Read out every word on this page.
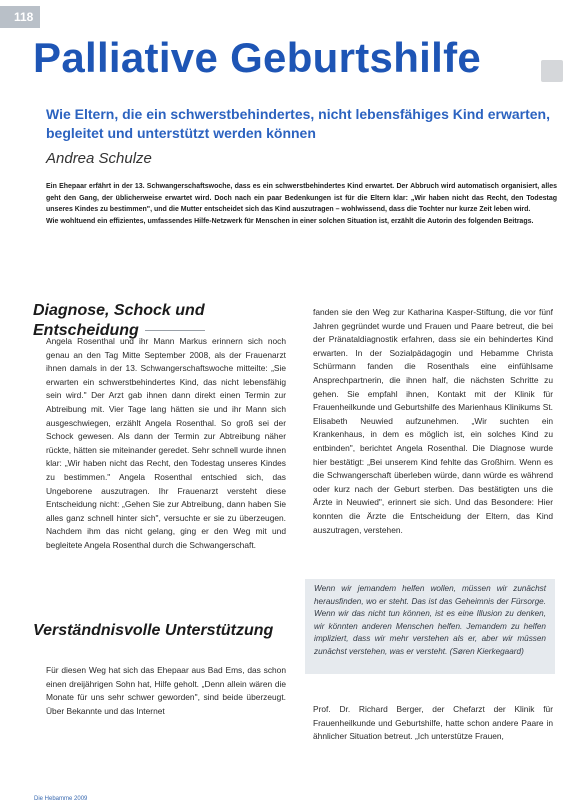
118
Palliative Geburtshilfe

Wie Eltern, die ein schwerstbehindertes, nicht lebensfähiges Kind erwarten, begleitet und unterstützt werden können

Andrea Schulze

Ein Ehepaar erfährt in der 13. Schwangerschaftswoche, dass es ein schwerstbehindertes Kind erwartet. Der Abbruch wird automatisch organisiert, alles geht den Gang, der üblicherweise erwartet wird. Doch nach ein paar Bedenkungen ist für die Eltern klar: „Wir haben nicht das Recht, den Todestag unseres Kindes zu bestimmen", und die Mutter entscheidet sich das Kind auszutragen – wohlwissend, dass die Tochter nur kurze Zeit leben wird.

Wie wohltuend ein effizientes, umfassendes Hilfe-Netzwerk für Menschen in einer solchen Situation ist, erzählt die Autorin des folgenden Beitrags.

Diagnose, Schock und
Entscheidung

Angela Rosenthal und ihr Mann Markus erinnern sich noch genau an den Tag Mitte September 2008, als der Frauenarzt ihnen damals in der 13. Schwangerschaftswoche mitteilte: „Sie erwarten ein schwerstbehindertes Kind, das nicht lebensfähig sein wird." Der Arzt gab ihnen dann direkt einen Termin zur Abtreibung mit. Vier Tage lang hätten sie und ihr Mann sich ausgeschwiegen, erzählt Angela Rosenthal. So groß sei der Schock gewesen. Als dann der Termin zur Abtreibung näher rückte, hätten sie miteinander geredet. Sehr schnell wurde ihnen klar: „Wir haben nicht das Recht, den Todestag unseres Kindes zu bestimmen." Angela Rosenthal entschied sich, das Ungeborene auszutragen. Ihr Frauenarzt versteht diese Entscheidung nicht: „Gehen Sie zur Abtreibung, dann haben Sie alles ganz schnell hinter sich", versuchte er sie zu überzeugen. Nachdem ihm das nicht gelang, ging er den Weg mit und begleitete Angela Rosenthal durch die Schwangerschaft.

Verständnisvolle Unterstützung

Für diesen Weg hat sich das Ehepaar aus Bad Ems, das schon einen dreijährigen Sohn hat, Hilfe geholt. „Denn allein wären die Monate für uns sehr schwer geworden", sind beide überzeugt. Über Bekannte und das Internet

fanden sie den Weg zur Katharina Kasper-Stiftung, die vor fünf Jahren gegründet wurde und Frauen und Paare betreut, die bei der Pränataldiagnostik erfahren, dass sie ein behindertes Kind erwarten. In der Sozialpädagogin und Hebamme Christa Schürmann fanden die Rosenthals eine einfühlsame Ansprechpartnerin, die ihnen half, die nächsten Schritte zu gehen. Sie empfahl ihnen, Kontakt mit der Klinik für Frauenheilkunde und Geburtshilfe des Marienhaus Klinikums St. Elisabeth Neuwied aufzunehmen. „Wir suchten ein Krankenhaus, in dem es möglich ist, ein solches Kind zu entbinden", berichtet Angela Rosenthal. Die Diagnose wurde hier bestätigt: „Bei unserem Kind fehlte das Großhirn. Wenn es die Schwangerschaft überleben würde, dann würde es während oder kurz nach der Geburt sterben. Das bestätigten uns die Ärzte in Neuwied", erinnert sie sich. Und das Besondere: Hier konnten die Ärzte die Entscheidung der Eltern, das Kind auszutragen, verstehen.

Wenn wir jemandem helfen wollen, müssen wir zunächst herausfinden, wo er steht. Das ist das Geheimnis der Fürsorge. Wenn wir das nicht tun können, ist es eine Illusion zu denken, wir könnten anderen Menschen helfen. Jemandem zu helfen impliziert, dass wir mehr verstehen als er, aber wir müssen zunächst verstehen, was er versteht. (Søren Kierkegaard)

Prof. Dr. Richard Berger, der Chefarzt der Klinik für Frauenheilkunde und Geburtshilfe, hatte schon andere Paare in ähnlicher Situation betreut. „Ich unterstütze Frauen,

Die Hebamme 2009
